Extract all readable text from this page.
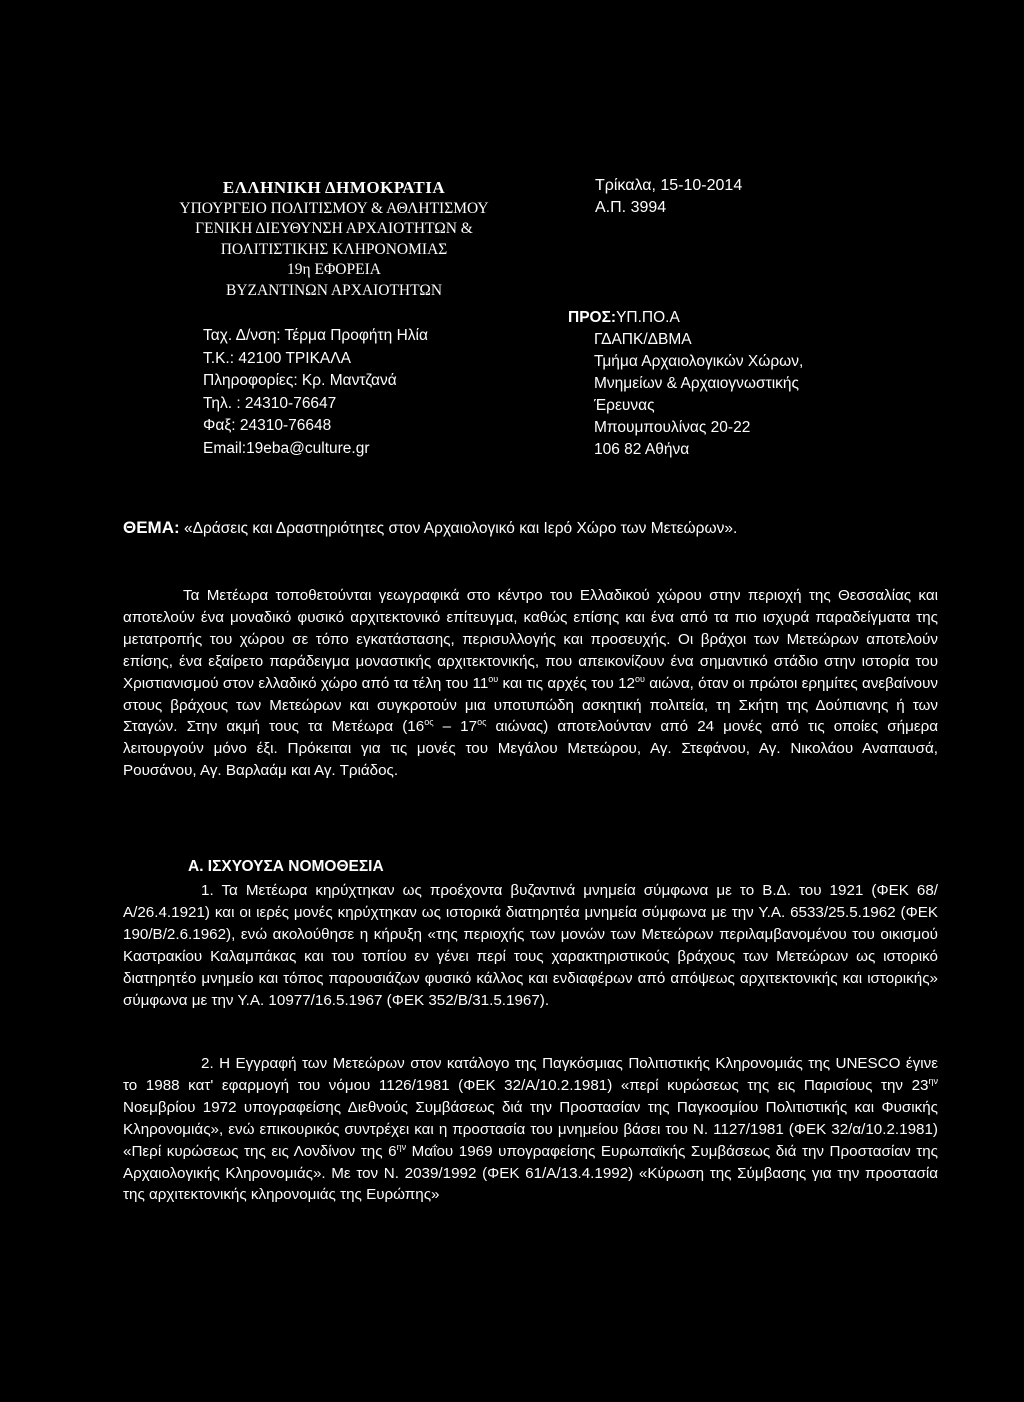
ΕΛΛΗΝΙΚΗ ΔΗΜΟΚΡΑΤΙΑ
ΥΠΟΥΡΓΕΙΟ ΠΟΛΙΤΙΣΜΟΥ & ΑΘΛΗΤΙΣΜΟΥ
ΓΕΝΙΚΗ ΔΙΕΥΘΥΝΣΗ ΑΡΧΑΙΟΤΗΤΩΝ &
ΠΟΛΙΤΙΣΤΙΚΗΣ ΚΛΗΡΟΝΟΜΙΑΣ
19η ΕΦΟΡΕΙΑ
ΒΥΖΑΝΤΙΝΩΝ ΑΡΧΑΙΟΤΗΤΩΝ
Ταχ. Δ/νση: Τέρμα Προφήτη Ηλία
Τ.Κ.: 42100 ΤΡΙΚΑΛΑ
Πληροφορίες: Κρ. Μαντζανά
Τηλ. : 24310-76647
Φαξ: 24310-76648
Email:19eba@culture.gr
Τρίκαλα, 15-10-2014
Α.Π. 3994
ΠΡΟΣ:ΥΠ.ΠΟ.Α
ΓΔΑΠΚ/ΔΒΜΑ
Τμήμα Αρχαιολογικών Χώρων,
Μνημείων & Αρχαιογνωστικής
Έρευνας
Μπουμπουλίνας 20-22
106 82 Αθήνα
ΘΕΜΑ: «Δράσεις και Δραστηριότητες στον Αρχαιολογικό και Ιερό Χώρο των Μετεώρων».

Τα Μετέωρα τοποθετούνται γεωγραφικά στο κέντρο του Ελλαδικού χώρου στην περιοχή της Θεσσαλίας και αποτελούν ένα μοναδικό φυσικό αρχιτεκτονικό επίτευγμα, καθώς επίσης και ένα από τα πιο ισχυρά παραδείγματα της μετατροπής του χώρου σε τόπο εγκατάστασης, περισυλλογής και προσευχής. Οι βράχοι των Μετεώρων αποτελούν επίσης, ένα εξαίρετο παράδειγμα μοναστικής αρχιτεκτονικής, που απεικονίζουν ένα σημαντικό στάδιο στην ιστορία του Χριστιανισμού στον ελλαδικό χώρο από τα τέλη του $11^{o\upsilon}$ και τις αρχές του $12^{o\upsilon}$ αιώνα, όταν οι πρώτοι ερημίτες ανεβαίνουν στους βράχους των Μετεώρων και συγκροτούν μια υποτυπώδη ασκητική πολιτεία, τη Σκήτη της Δούπιανης ή των Σταγών. Στην ακμή τους τα Μετέωρα ($16^{o\varsigma} - 17^{o\varsigma}$ αιώνας) αποτελούνταν από 24 μονές από τις οποίες σήμερα λειτουργούν μόνο έξι. Πρόκειται για τις μονές του Μεγάλου Μετεώρου, Αγ. Στεφάνου, Αγ. Νικολάου Αναπαυσά, Ρουσάνου, Αγ. Βαρλαάμ και Αγ. Τριάδος.

Α. ΙΣΧΥΟΥΣΑ ΝΟΜΟΘΕΣΙΑ

1. Τα Μετέωρα κηρύχτηκαν ως προέχοντα βυζαντινά μνημεία σύμφωνα με το Β.Δ. του 1921 (ΦΕΚ 68/Α/26.4.1921) και οι ιερές μονές κηρύχτηκαν ως ιστορικά διατηρητέα μνημεία σύμφωνα με την Υ.Α. 6533/25.5.1962 (ΦΕΚ 190/Β/2.6.1962), ενώ ακολούθησε η κήρυξη «της περιοχής των μονών των Μετεώρων περιλαμβανομένου του οικισμού Καστρακίου Καλαμπάκας και του τοπίου εν γένει περί τους χαρακτηριστικούς βράχους των Μετεώρων ως ιστορικό διατηρητέο μνημείο και τόπος παρουσιάζων φυσικό κάλλος και ενδιαφέρων από απόψεως αρχιτεκτονικής και ιστορικής» σύμφωνα με την Υ.Α. 10977/16.5.1967 (ΦΕΚ 352/Β/31.5.1967).

2. Η Εγγραφή των Μετεώρων στον κατάλογο της Παγκόσμιας Πολιτιστικής Κληρονομιάς της UNESCO έγινε το 1988 κατ' εφαρμογή του νόμου 1126/1981 (ΦΕΚ 32/Α/10.2.1981) «περί κυρώσεως της εις Παρισίους την $23^{\eta\nu}$ Νοεμβρίου 1972 υπογραφείσης Διεθνούς Συμβάσεως διά την Προστασίαν της Παγκοσμίου Πολιτιστικής και Φυσικής Κληρονομιάς», ενώ επικουρικός συντρέχει και η προστασία του μνημείου βάσει του Ν. 1127/1981 (ΦΕΚ 32/α/10.2.1981) «Περί κυρώσεως της εις Λονδίνον της $6^{\eta\nu}$ Μαΐου 1969 υπογραφείσης Ευρωπαϊκής Συμβάσεως διά την Προστασίαν της Αρχαιολογικής Κληρονομιάς». Με τον Ν. 2039/1992 (ΦΕΚ 61/Α/13.4.1992) «Κύρωση της Σύμβασης για την προστασία της αρχιτεκτονικής κληρονομιάς της Ευρώπης»
